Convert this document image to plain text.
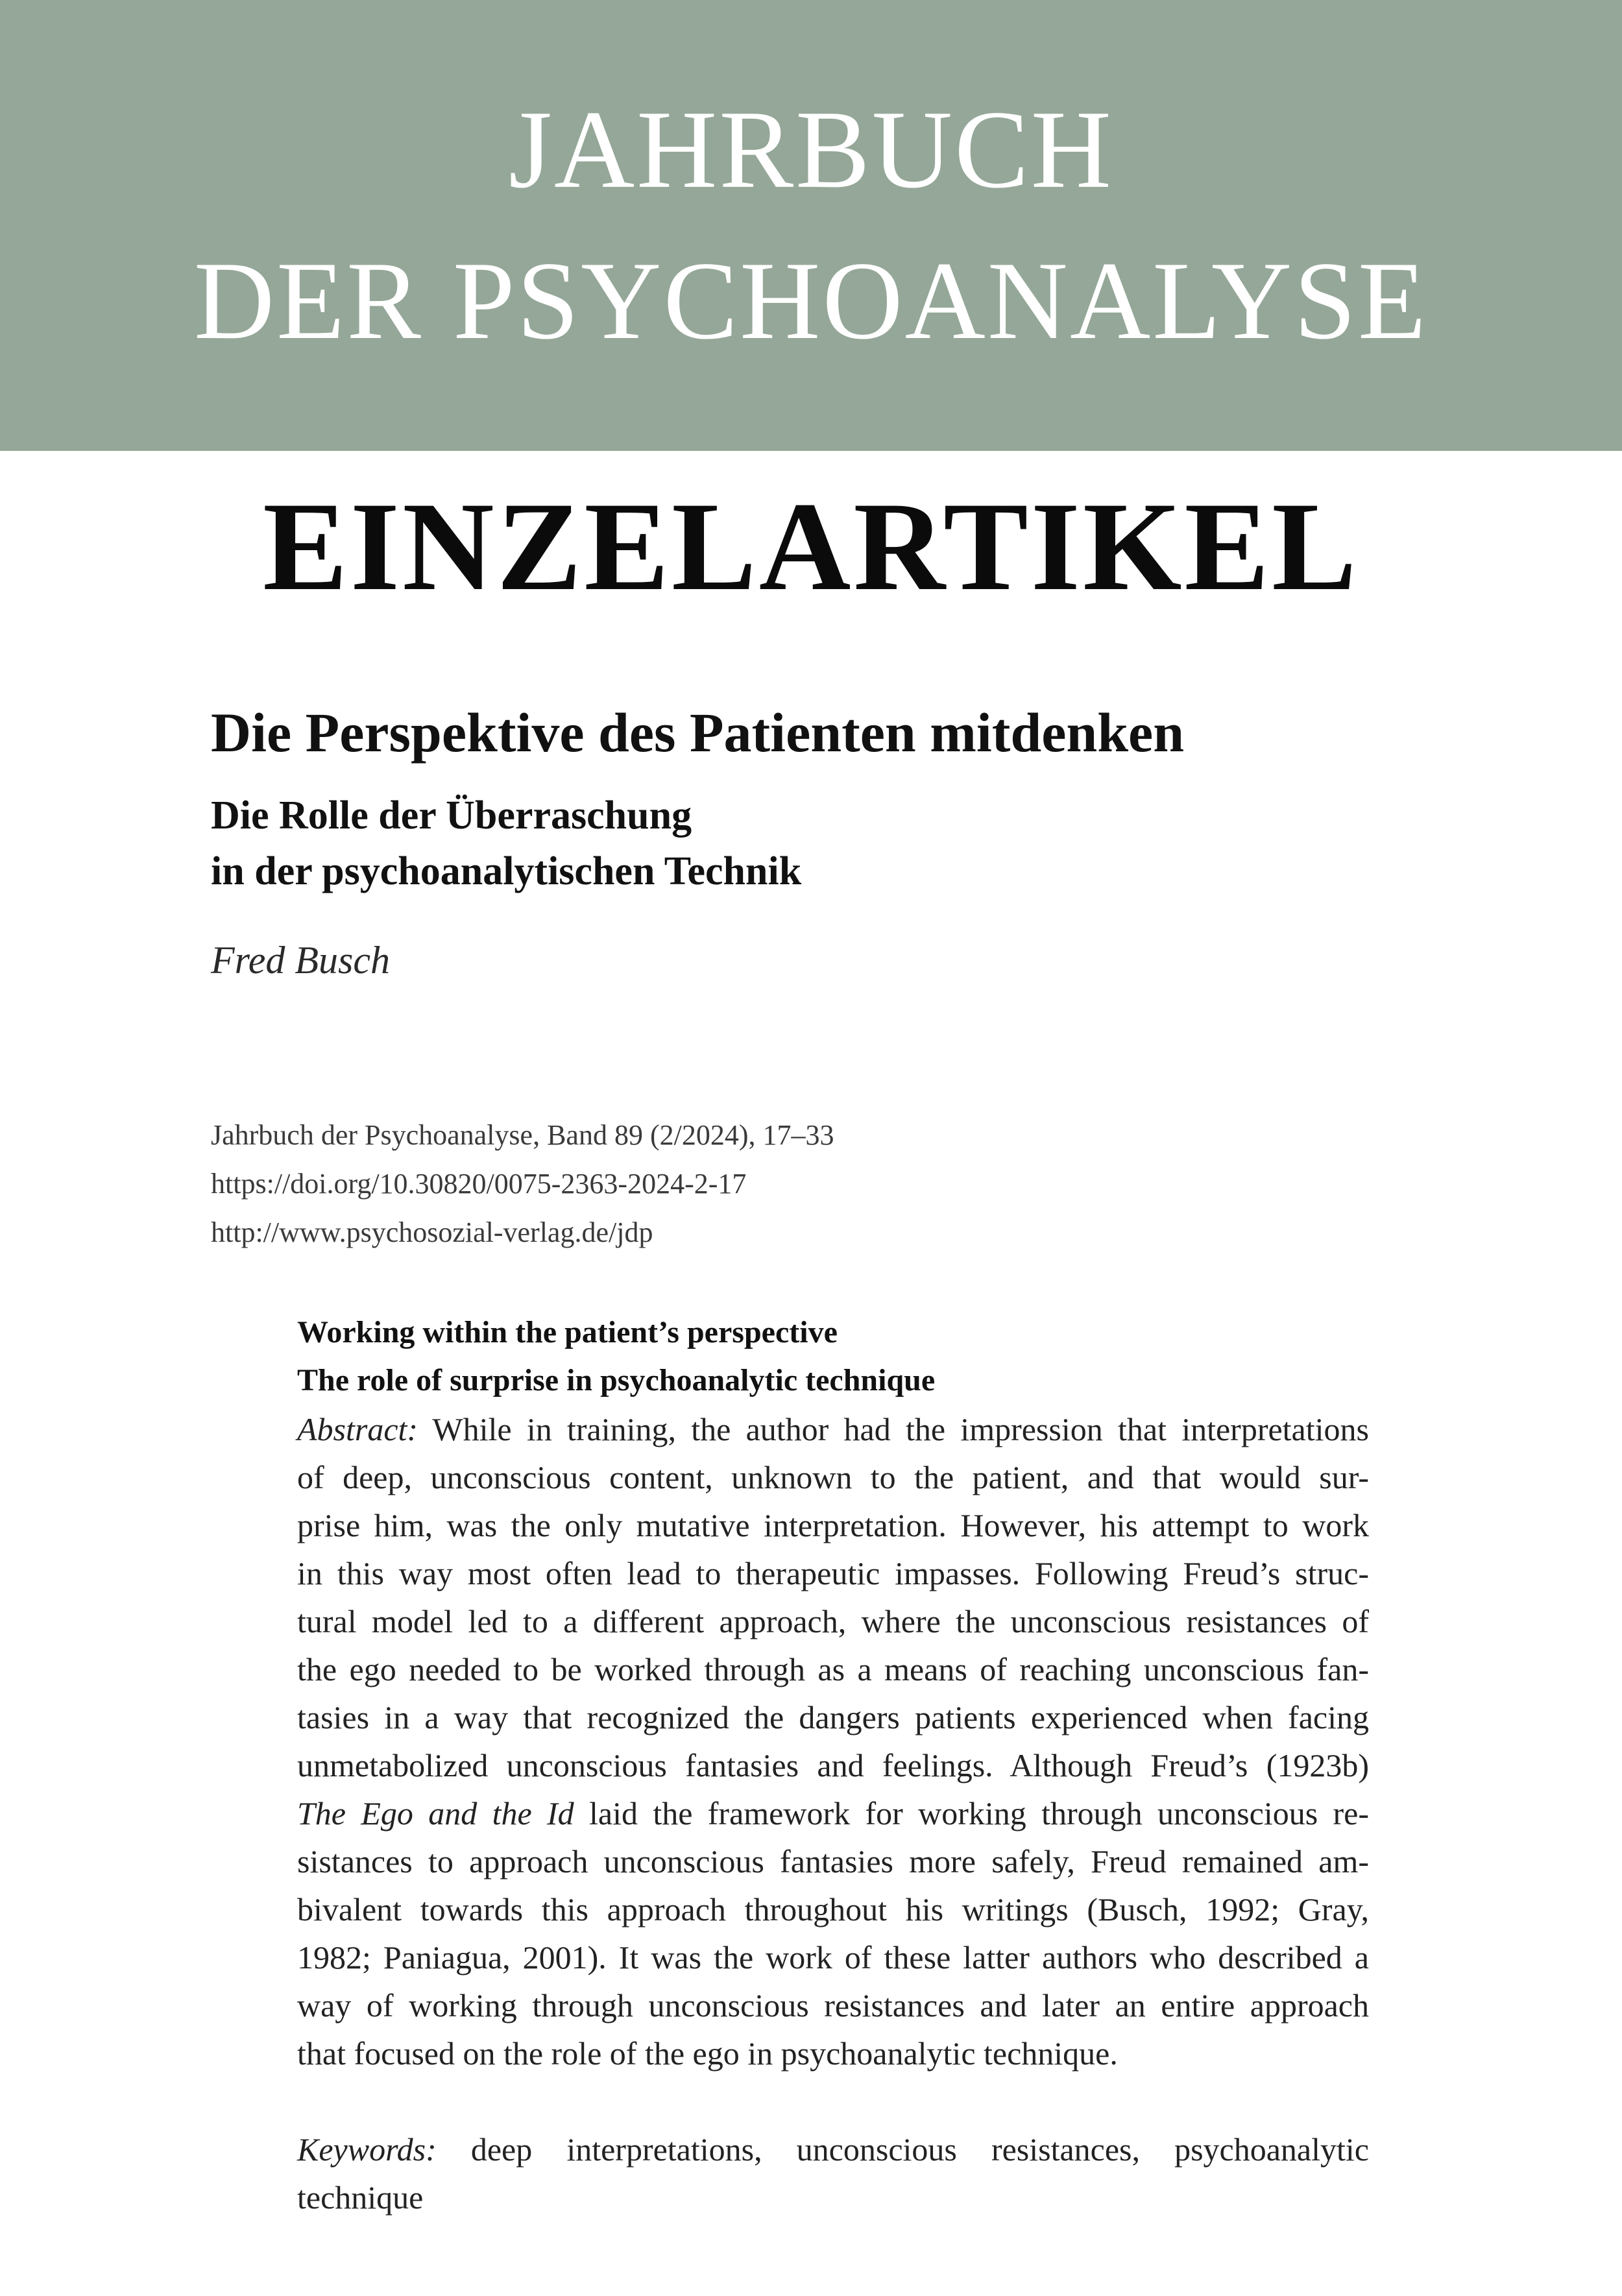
JAHRBUCH
DER PSYCHOANALYSE
EINZELARTIKEL
Die Perspektive des Patienten mitdenken
Die Rolle der Überraschung
in der psychoanalytischen Technik
Fred Busch
Jahrbuch der Psychoanalyse, Band 89 (2/2024), 17–33
https://doi.org/10.30820/0075-2363-2024-2-17
http://www.psychosozial-verlag.de/jdp
Working within the patient’s perspective
The role of surprise in psychoanalytic technique
Abstract: While in training, the author had the impression that interpretations
of deep, unconscious content, unknown to the patient, and that would sur-
prise him, was the only mutative interpretation. However, his attempt to work
in this way most often lead to therapeutic impasses. Following Freud’s struc-
tural model led to a different approach, where the unconscious resistances of
the ego needed to be worked through as a means of reaching unconscious fan-
tasies in a way that recognized the dangers patients experienced when facing
unmetabolized unconscious fantasies and feelings. Although Freud’s (1923b)
The Ego and the Id laid the framework for working through unconscious re-
sistances to approach unconscious fantasies more safely, Freud remained am-
bivalent towards this approach throughout his writings (Busch, 1992; Gray,
1982; Paniagua, 2001). It was the work of these latter authors who described a
way of working through unconscious resistances and later an entire approach
that focused on the role of the ego in psychoanalytic technique.
Keywords: deep interpretations, unconscious resistances, psychoanalytic
technique
